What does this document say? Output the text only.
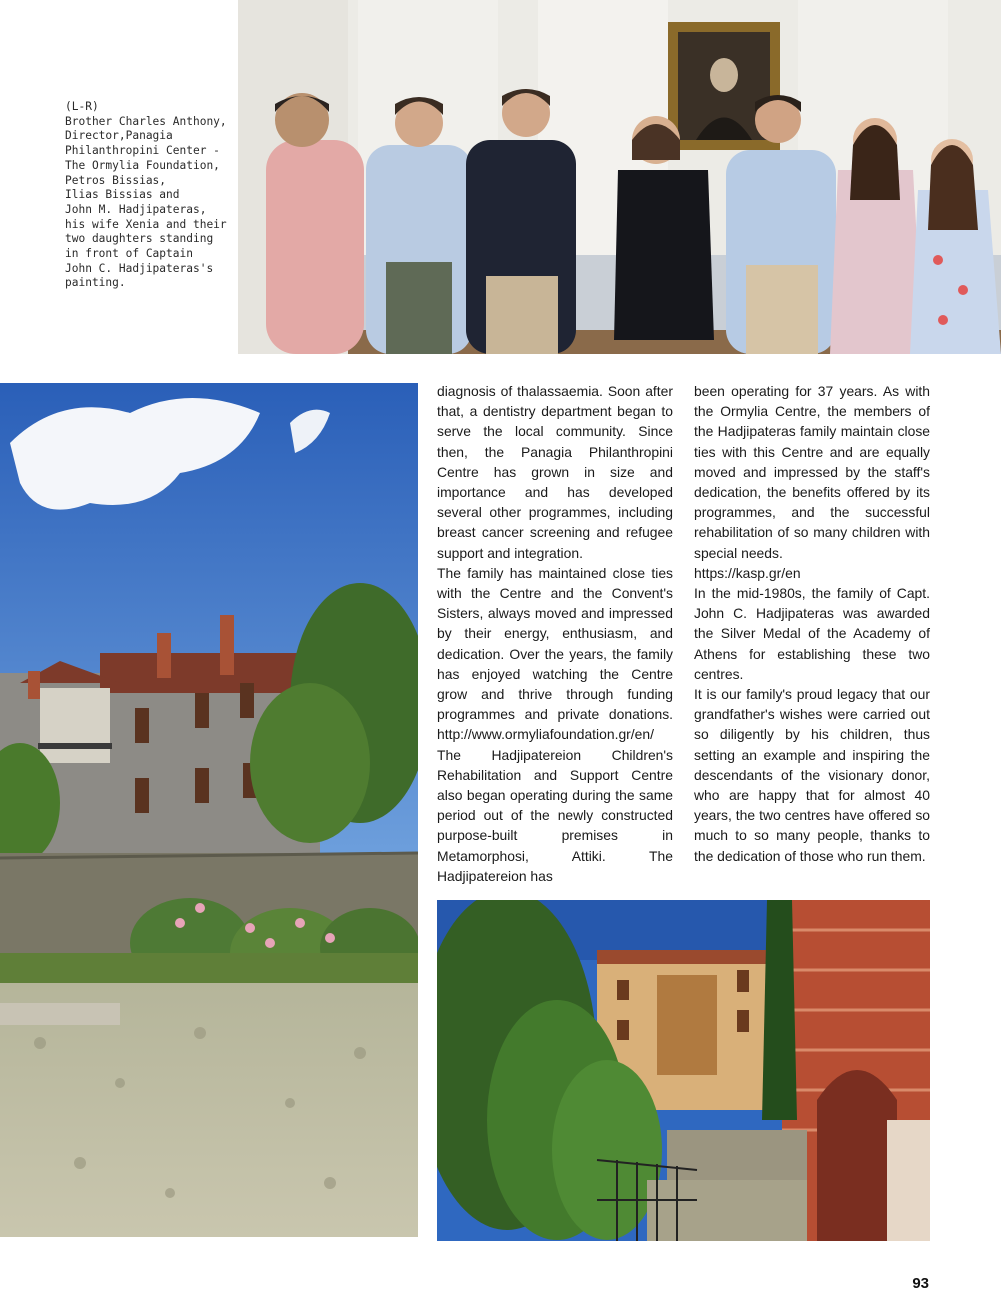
(L-R)
Brother Charles Anthony,
Director,Panagia
Philanthropini Center -
The Ormylia Foundation,
Petros Bissias,
Ilias Bissias and
John M. Hadjipateras,
his wife Xenia and their
two daughters standing
in front of Captain
John C. Hadjipateras's
painting.

diagnosis of thalassaemia. Soon after that, a dentistry department began to serve the local community. Since then, the Panagia Philanthropini Centre has grown in size and importance and has developed several other programmes, including breast cancer screening and refugee support and integration.

The family has maintained close ties with the Centre and the Convent's Sisters, always moved and impressed by their energy, enthusiasm, and dedication. Over the years, the family has enjoyed watching the Centre grow and thrive through funding programmes and private donations. http://www.ormyliafoundation.gr/en/

The Hadjipatereion Children's Rehabilitation and Support Centre also began operating during the same period out of the newly constructed purpose-built premises in Metamorphosi, Attiki. The Hadjipatereion has

been operating for 37 years. As with the Ormylia Centre, the members of the Hadjipateras family maintain close ties with this Centre and are equally moved and impressed by the staff's dedication, the benefits offered by its programmes, and the successful rehabilitation of so many children with special needs.

https://kasp.gr/en

In the mid-1980s, the family of Capt. John C. Hadjipateras was awarded the Silver Medal of the Academy of Athens for establishing these two centres.

It is our family's proud legacy that our grandfather's wishes were carried out so diligently by his children, thus setting an example and inspiring the descendants of the visionary donor, who are happy that for almost 40 years, the two centres have offered so much to so many people, thanks to the dedication of those who run them.

93
